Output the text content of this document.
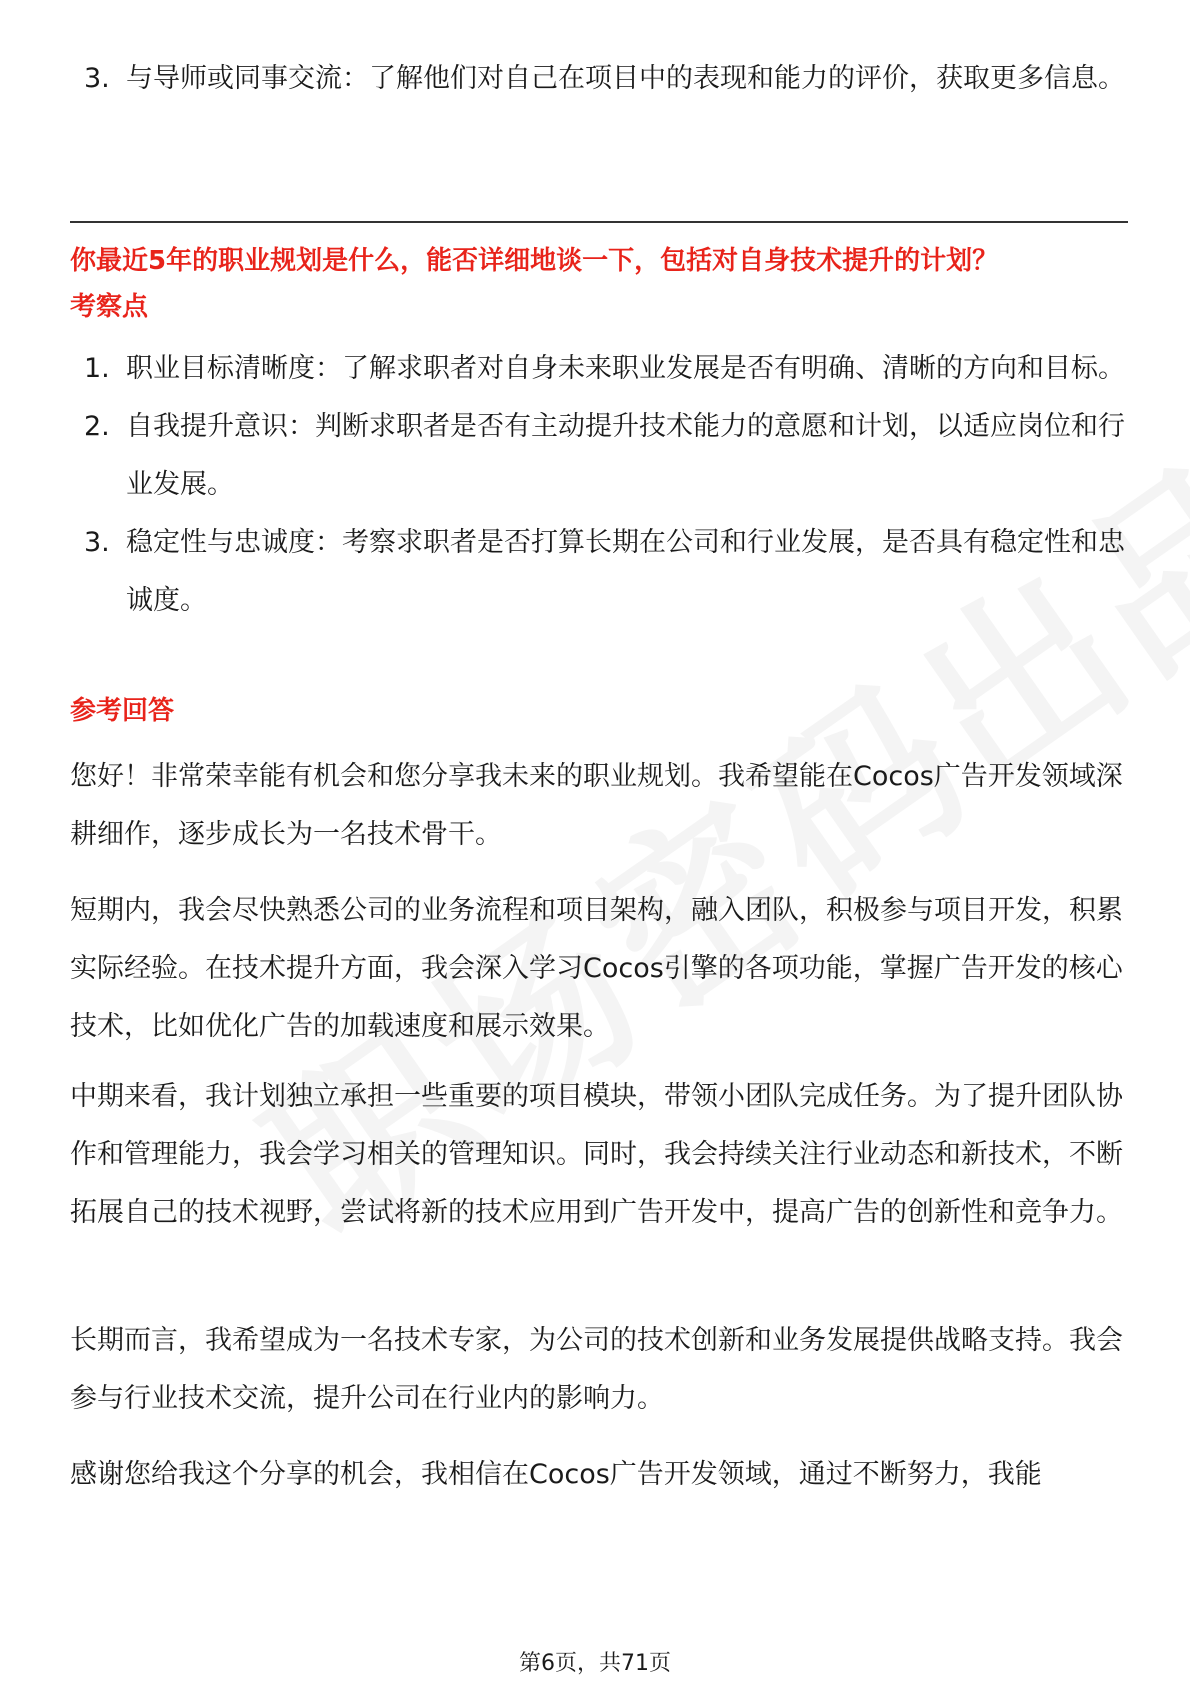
3. 与导师或同事交流：了解他们对自己在项目中的表现和能力的评价，获取更多信息。
你最近5年的职业规划是什么，能否详细地谈一下，包括对自身技术提升的计划？
考察点
1. 职业目标清晰度：了解求职者对自身未来职业发展是否有明确、清晰的方向和目标。
2. 自我提升意识：判断求职者是否有主动提升技术能力的意愿和计划，以适应岗位和行业发展。
3. 稳定性与忠诚度：考察求职者是否打算长期在公司和行业发展，是否具有稳定性和忠诚度。
参考回答
您好！非常荣幸能有机会和您分享我未来的职业规划。我希望能在Cocos广告开发领域深耕细作，逐步成长为一名技术骨干。
短期内，我会尽快熟悉公司的业务流程和项目架构，融入团队，积极参与项目开发，积累实际经验。在技术提升方面，我会深入学习Cocos引擎的各项功能，掌握广告开发的核心技术，比如优化广告的加载速度和展示效果。
中期来看，我计划独立承担一些重要的项目模块，带领小团队完成任务。为了提升团队协作和管理能力，我会学习相关的管理知识。同时，我会持续关注行业动态和新技术，不断拓展自己的技术视野，尝试将新的技术应用到广告开发中，提高广告的创新性和竞争力。
长期而言，我希望成为一名技术专家，为公司的技术创新和业务发展提供战略支持。我会参与行业技术交流，提升公司在行业内的影响力。
感谢您给我这个分享的机会，我相信在Cocos广告开发领域，通过不断努力，我能
第6页，共71页
